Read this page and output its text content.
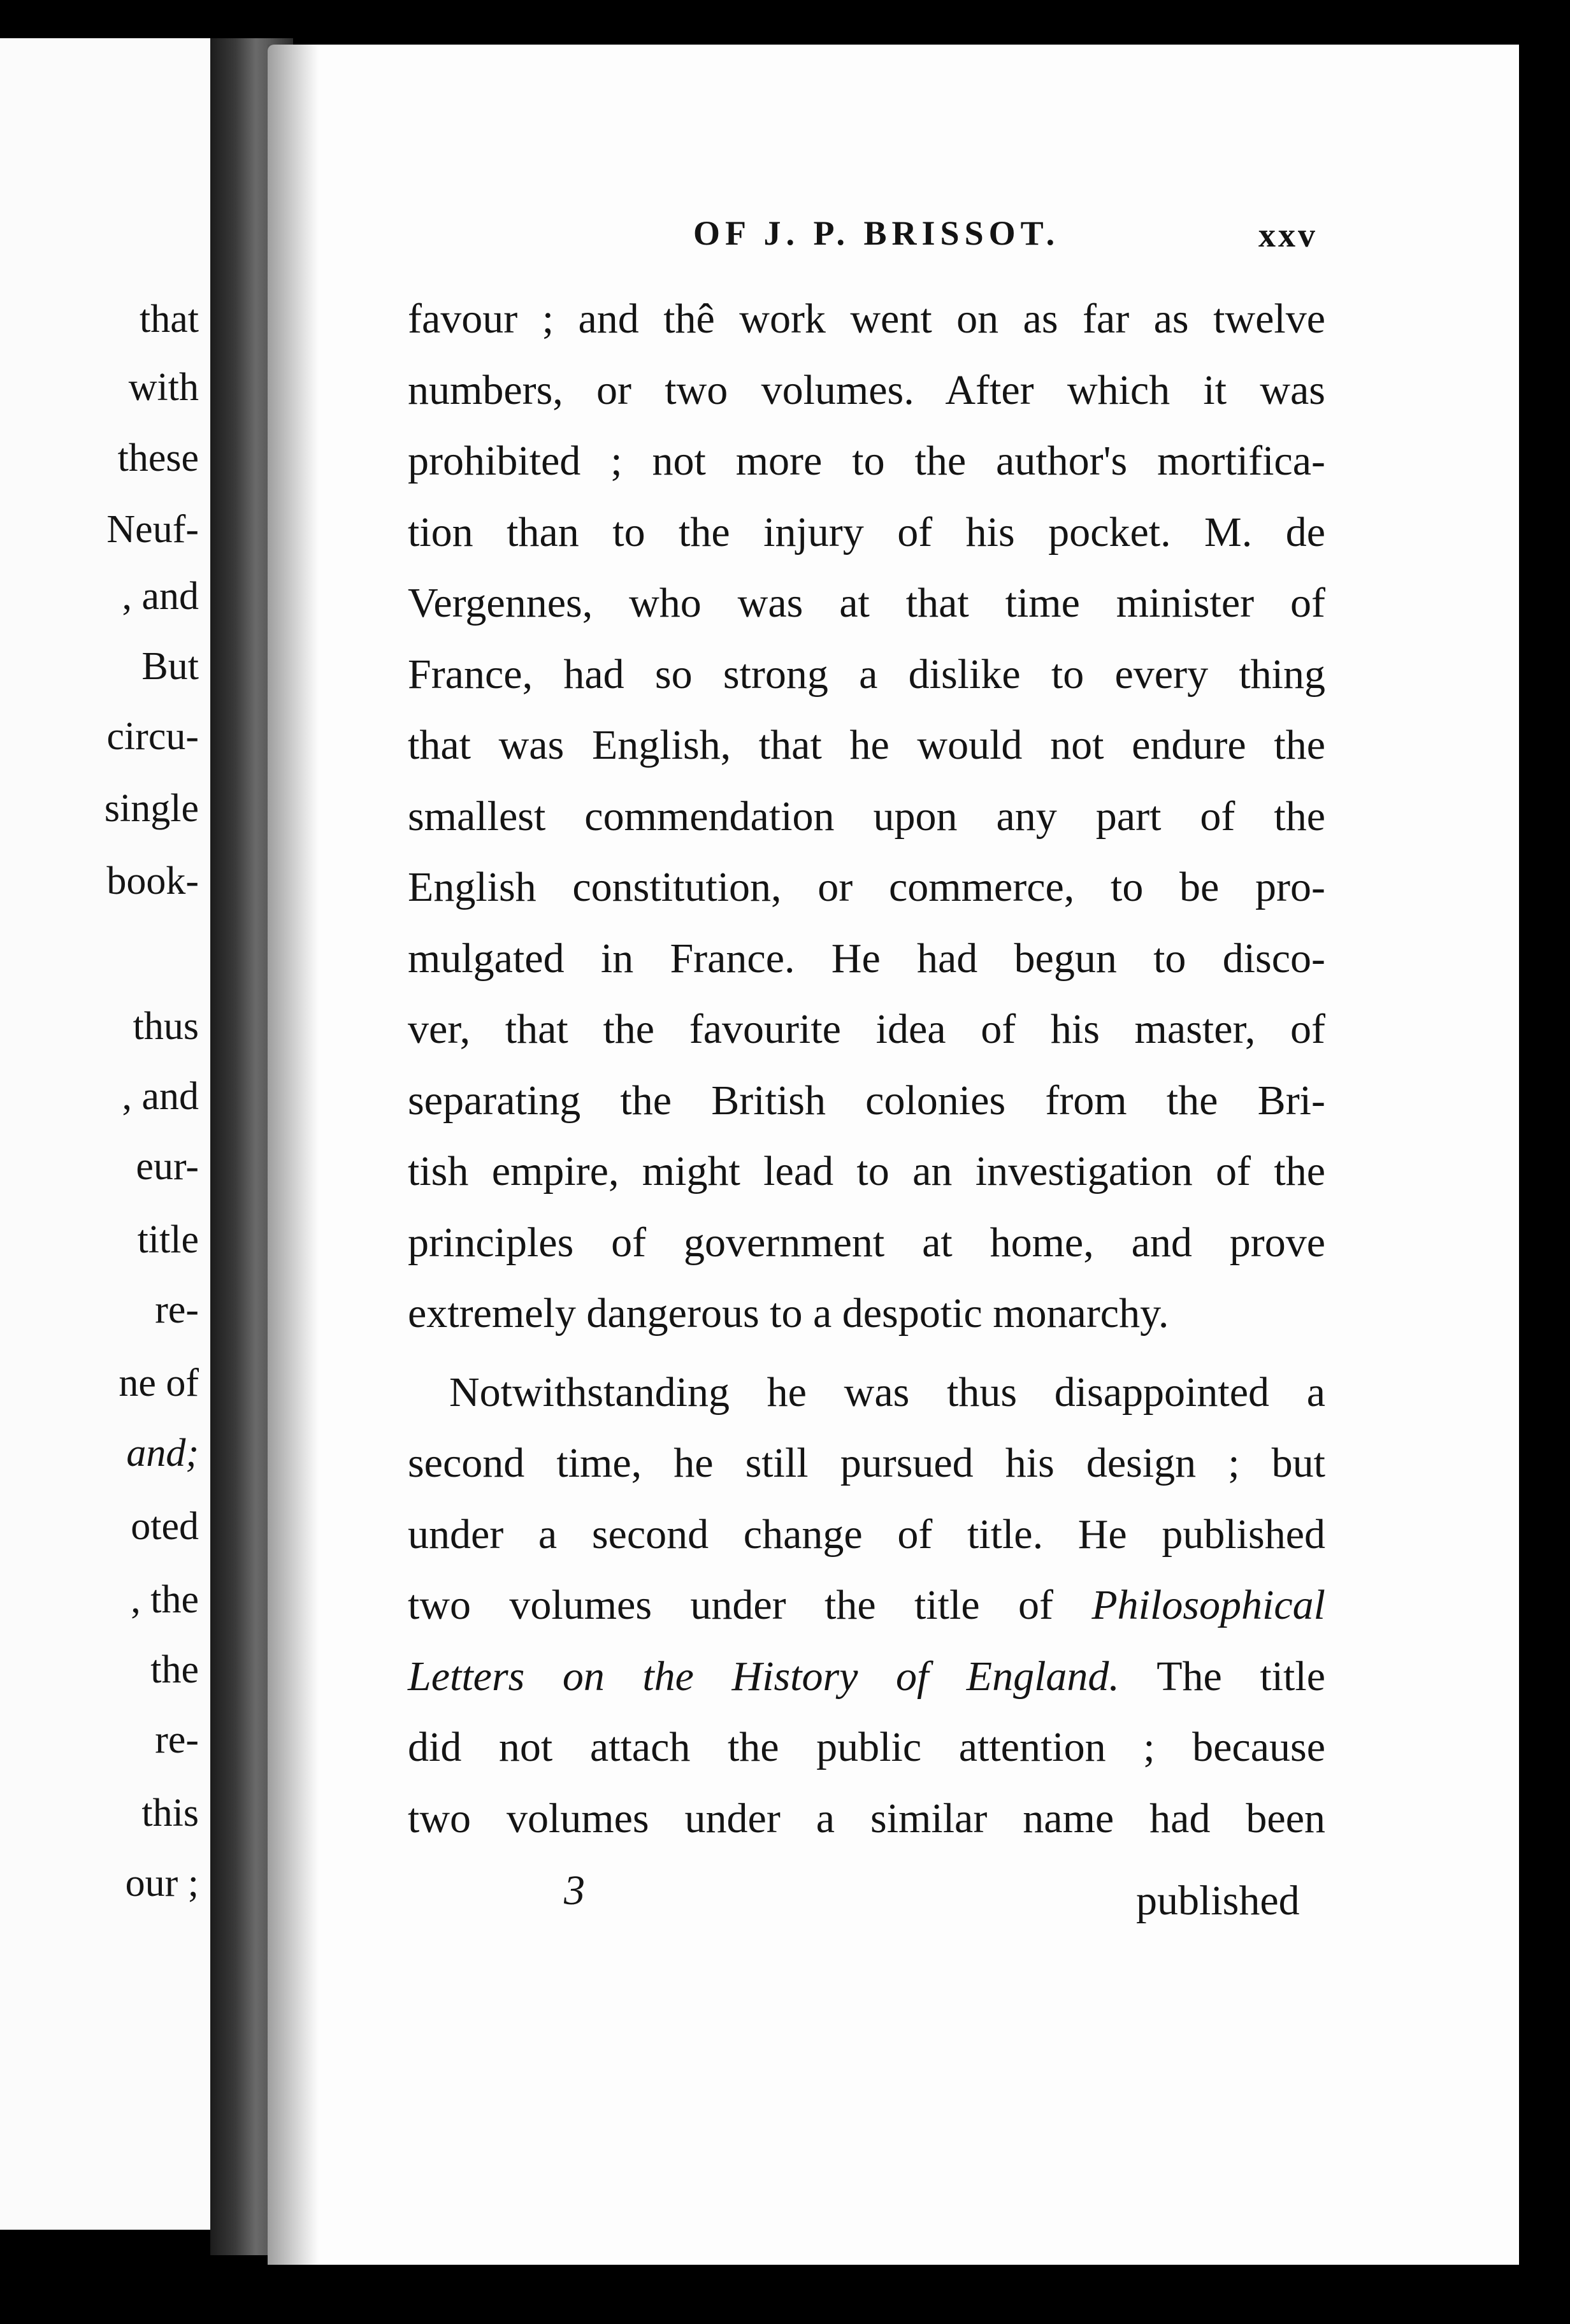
OF J. P. BRISSOT.	xxv
favour ; and thê work went on as far as twelve
numbers, or two volumes. After which it was
prohibited ; not more to the author's mortifica-
tion than to the injury of his pocket. M. de
Vergennes, who was at that time minister of
France, had so strong a dislike to every thing
that was English, that he would not endure the
smallest commendation upon any part of the
English constitution, or commerce, to be pro-
mulgated in France. He had begun to disco-
ver, that the favourite idea of his master, of
separating the British colonies from the Bri-
tish empire, might lead to an investigation of the
principles of government at home, and prove
extremely dangerous to a despotic monarchy.
Notwithstanding he was thus disappointed a
second time, he still pursued his design ; but
under a second change of title. He published
two volumes under the title of Philosophical
Letters on the History of England. The title
did not attach the public attention ; because
two volumes under a similar name had been
3	published
that
with
these
Neuf-
, and
But
circu-
single
book-
thus
, and
eur-
title
re-
ne of
and;
oted
, the
the
re-
this
our ;
